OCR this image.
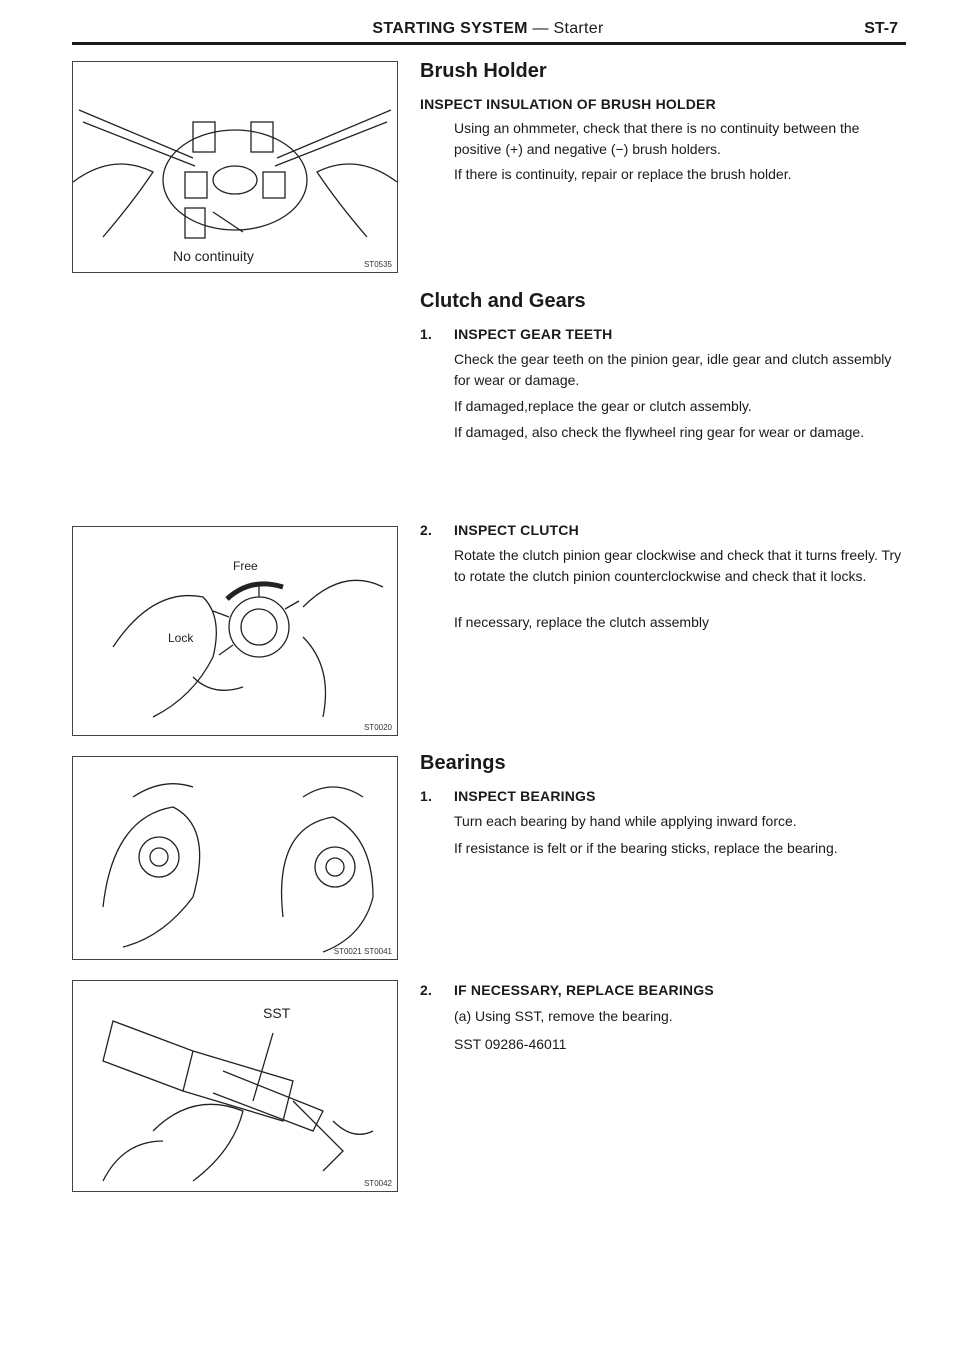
STARTING SYSTEM — Starter	ST-7
No continuity
ST0535
Free
Lock
ST0020
ST0021 ST0041
SST
ST0042
Brush Holder
INSPECT INSULATION OF BRUSH HOLDER
Using an ohmmeter, check that there is no continuity between the positive (+) and negative (−) brush holders.
If there is continuity, repair or replace the brush holder.
Clutch and Gears
1. INSPECT GEAR TEETH
Check the gear teeth on the pinion gear, idle gear and clutch assembly for wear or damage.
If damaged,replace the gear or clutch assembly.
If damaged, also check the flywheel ring gear for wear or damage.
2. INSPECT CLUTCH
Rotate the clutch pinion gear clockwise and check that it turns freely. Try to rotate the clutch pinion counterclockwise and check that it locks.
If necessary, replace the clutch assembly
Bearings
1. INSPECT BEARINGS
Turn each bearing by hand while applying inward force.
If resistance is felt or if the bearing sticks, replace the bearing.
2. IF NECESSARY, REPLACE BEARINGS
(a) Using SST, remove the bearing.
SST 09286-46011
